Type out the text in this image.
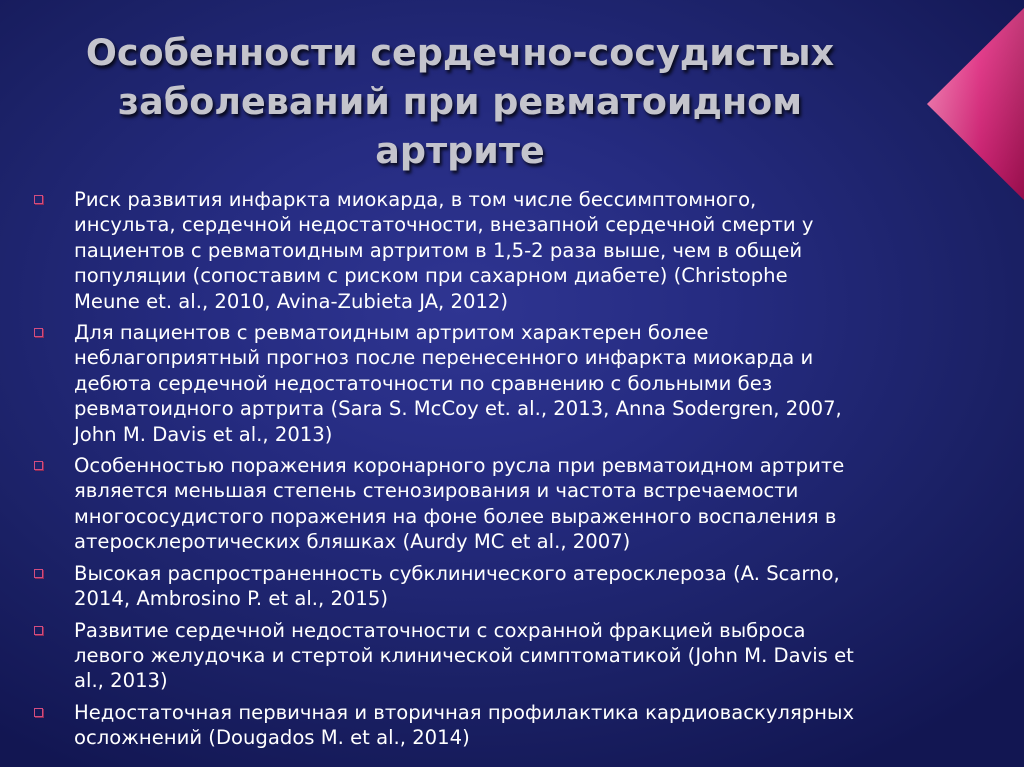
Особенности сердечно-сосудистых
заболеваний при ревматоидном
артрите
Риск развития инфаркта миокарда, в том числе бессимптомного,
инсульта, сердечной недостаточности, внезапной сердечной смерти у
пациентов с ревматоидным артритом в 1,5-2 раза выше, чем в общей
популяции (сопоставим с риском при сахарном диабете) (Christophe
Meune et. al., 2010, Avina-Zubieta JA, 2012)
Для пациентов с ревматоидным артритом характерен более
неблагоприятный прогноз после перенесенного инфаркта миокарда и
дебюта сердечной недостаточности по сравнению с больными без
ревматоидного артрита (Sara S. McCoy et. al., 2013, Anna Sodergren, 2007,
John M. Davis et al., 2013)
Особенностью поражения коронарного русла при ревматоидном артрите
является меньшая степень стенозирования и частота встречаемости
многососудистого поражения на фоне более выраженного воспаления в
атеросклеротических бляшках (Aurdy MC et al., 2007)
Высокая распространенность субклинического атеросклероза (A. Scarno,
2014, Ambrosino P. et al., 2015)
Развитие сердечной недостаточности с сохранной фракцией выброса
левого желудочка и стертой клинической симптоматикой (John M. Davis et
al., 2013)
Недостаточная первичная и вторичная профилактика кардиоваскулярных
осложнений (Dougados M. et al., 2014)
